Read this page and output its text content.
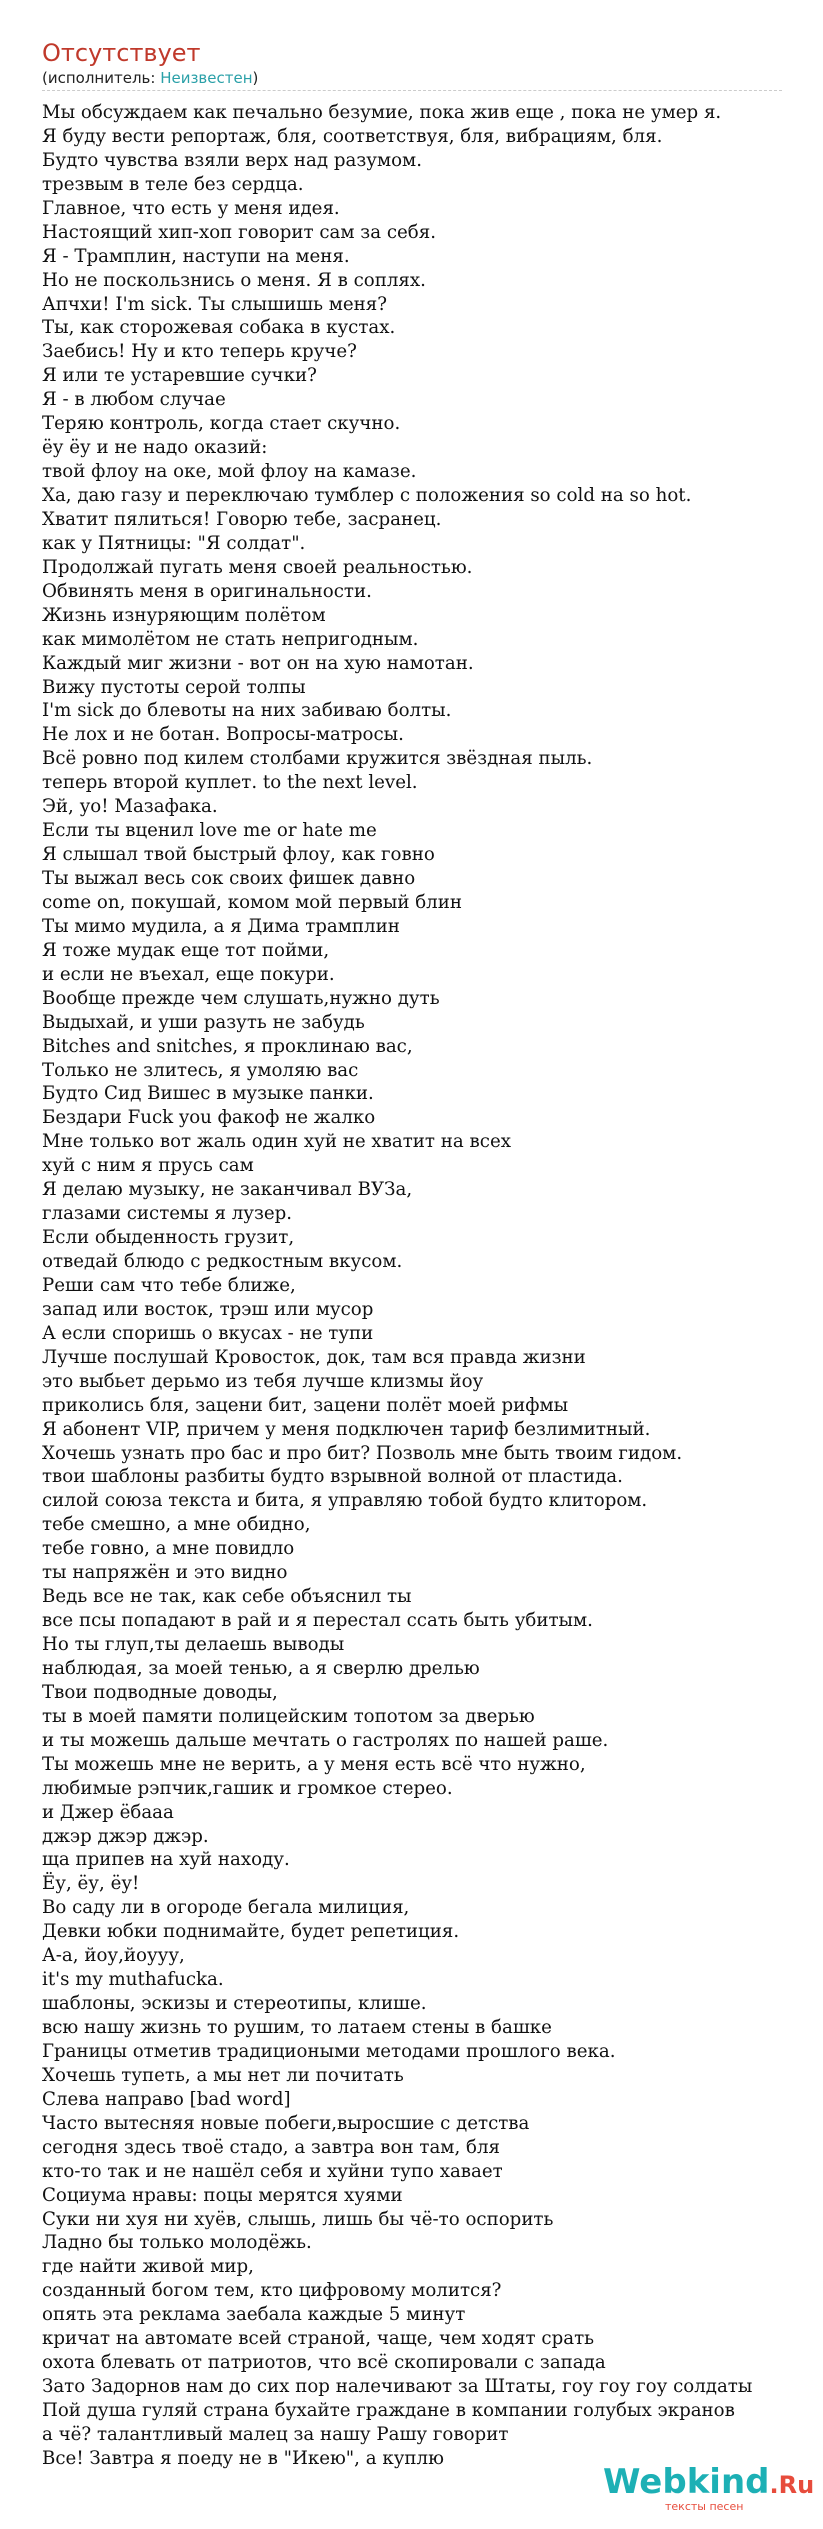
Отсутствует
(исполнитель: Неизвестен)
Мы обсуждаем как печально безумие, пока жив еще , пока не умер я.
Я буду вести репортаж, бля, соответствуя, бля, вибрациям, бля.
Будто чувства взяли верх над разумом.
трезвым в теле без сердца.
Главное, что есть у меня идея.
Настоящий хип-хоп говорит сам за себя.
Я - Трамплин, наступи на меня.
Но не поскользнись о меня. Я в соплях.
Апчхи! I'm sick. Ты слышишь меня?
Ты, как сторожевая собака в кустах.
Заебись! Ну и кто теперь круче?
Я или те устаревшие сучки?
Я - в любом случае
Теряю контроль, когда стает скучно.
ёу ёу и не надо оказий:
твой флоу на оке, мой флоу на камазе.
Ха, даю газу и переключаю тумблер с положения so cold на so hot.
Хватит пялиться! Говорю тебе, засранец.
как у Пятницы: "Я солдат".
Продолжай пугать меня своей реальностью.
Обвинять меня в оригинальности.
Жизнь изнуряющим полётом
как мимолётом не стать непригодным.
Каждый миг жизни - вот он на хую намотан.
Вижу пустоты серой толпы
I'm sick до блевоты на них забиваю болты.
Не лох и не ботан. Вопросы-матросы.
Всё ровно под килем столбами кружится звёздная пыль.
теперь второй куплет. to the next level.
Эй, уо! Мазафака.
Если ты вценил love me or hate me
Я слышал твой быстрый флоу, как говно
Ты выжал весь сок своих фишек давно
come on, покушай, комом мой первый блин
Ты мимо мудила, а я Дима трамплин
Я тоже мудак еще тот пойми,
и если не въехал, еще покури.
Вообще прежде чем слушать,нужно дуть
Выдыхай, и уши разуть не забудь
Bitches and snitches, я проклинаю вас,
Только не злитесь, я умоляю вас
Будто Сид Вишес в музыке панки.
Бездари Fuck you факоф не жалко
Мне только вот жаль один хуй не хватит на всех
хуй с ним я прусь сам
Я делаю музыку, не заканчивал ВУЗа,
глазами системы я лузер.
Если обыденность грузит,
отведай блюдо с редкостным вкусом.
Реши сам что тебе ближе,
запад или восток, трэш или мусор
А если споришь о вкусах - не тупи
Лучше послушай Кровосток, док, там вся правда жизни
это выбьет дерьмо из тебя лучше клизмы йоу
приколись бля, зацени бит, зацени полёт моей рифмы
Я абонент VIP, причем у меня подключен тариф безлимитный.
Хочешь узнать про бас и про бит? Позволь мне быть твоим гидом.
твои шаблоны разбиты будто взрывной волной от пластида.
силой союза текста и бита, я управляю тобой будто клитором.
тебе смешно, а мне обидно,
тебе говно, а мне повидло
ты напряжён и это видно
Ведь все не так, как себе объяснил ты
все псы попадают в рай и я перестал ссать быть убитым.
Но ты глуп,ты делаешь выводы
наблюдая, за моей тенью, а я сверлю дрелью
Твои подводные доводы,
ты в моей памяти полицейским топотом за дверью
и ты можешь дальше мечтать о гастролях по нашей раше.
Ты можешь мне не верить, а у меня есть всё что нужно,
любимые рэпчик,гашик и громкое стерео.
и Джер ёбааа
джэр джэр джэр.
ща припев на хуй находу.
Ёу, ёу, ёу!
Во саду ли в огороде бегала милиция,
Девки юбки поднимайте, будет репетиция.
А-а, йоу,йоууу,
it's my muthafucka.
шаблоны, эскизы и стереотипы, клише.
всю нашу жизнь то рушим, то латаем стены в башке
Границы отметив традициоными методами прошлого века.
Хочешь тупеть, а мы нет ли почитать
Слева направо [bad word]
Часто вытесняя новые побеги,выросшие с детства
сегодня здесь твоё стадо, а завтра вон там, бля
кто-то так и не нашёл себя и хуйни тупо хавает
Социума нравы: поцы мерятся хуями
Суки ни хуя ни хуёв, слышь, лишь бы чё-то оспорить
Ладно бы только молодёжь.
где найти живой мир,
созданный богом тем, кто цифровому молится?
опять эта реклама заебала каждые 5 минут
кричат на автомате всей страной, чаще, чем ходят срать
охота блевать от патриотов, что всё скопировали с запада
Зато Задорнов нам до сих пор налечивают за Штаты, гоу гоу гоу солдаты
Пой душа гуляй страна бухайте граждане в компании голубых экранов
а чё? талантливый малец за нашу Рашу говорит
Все! Завтра я поеду не в "Икею", а куплю
Webkind.Ru
тексты песен
